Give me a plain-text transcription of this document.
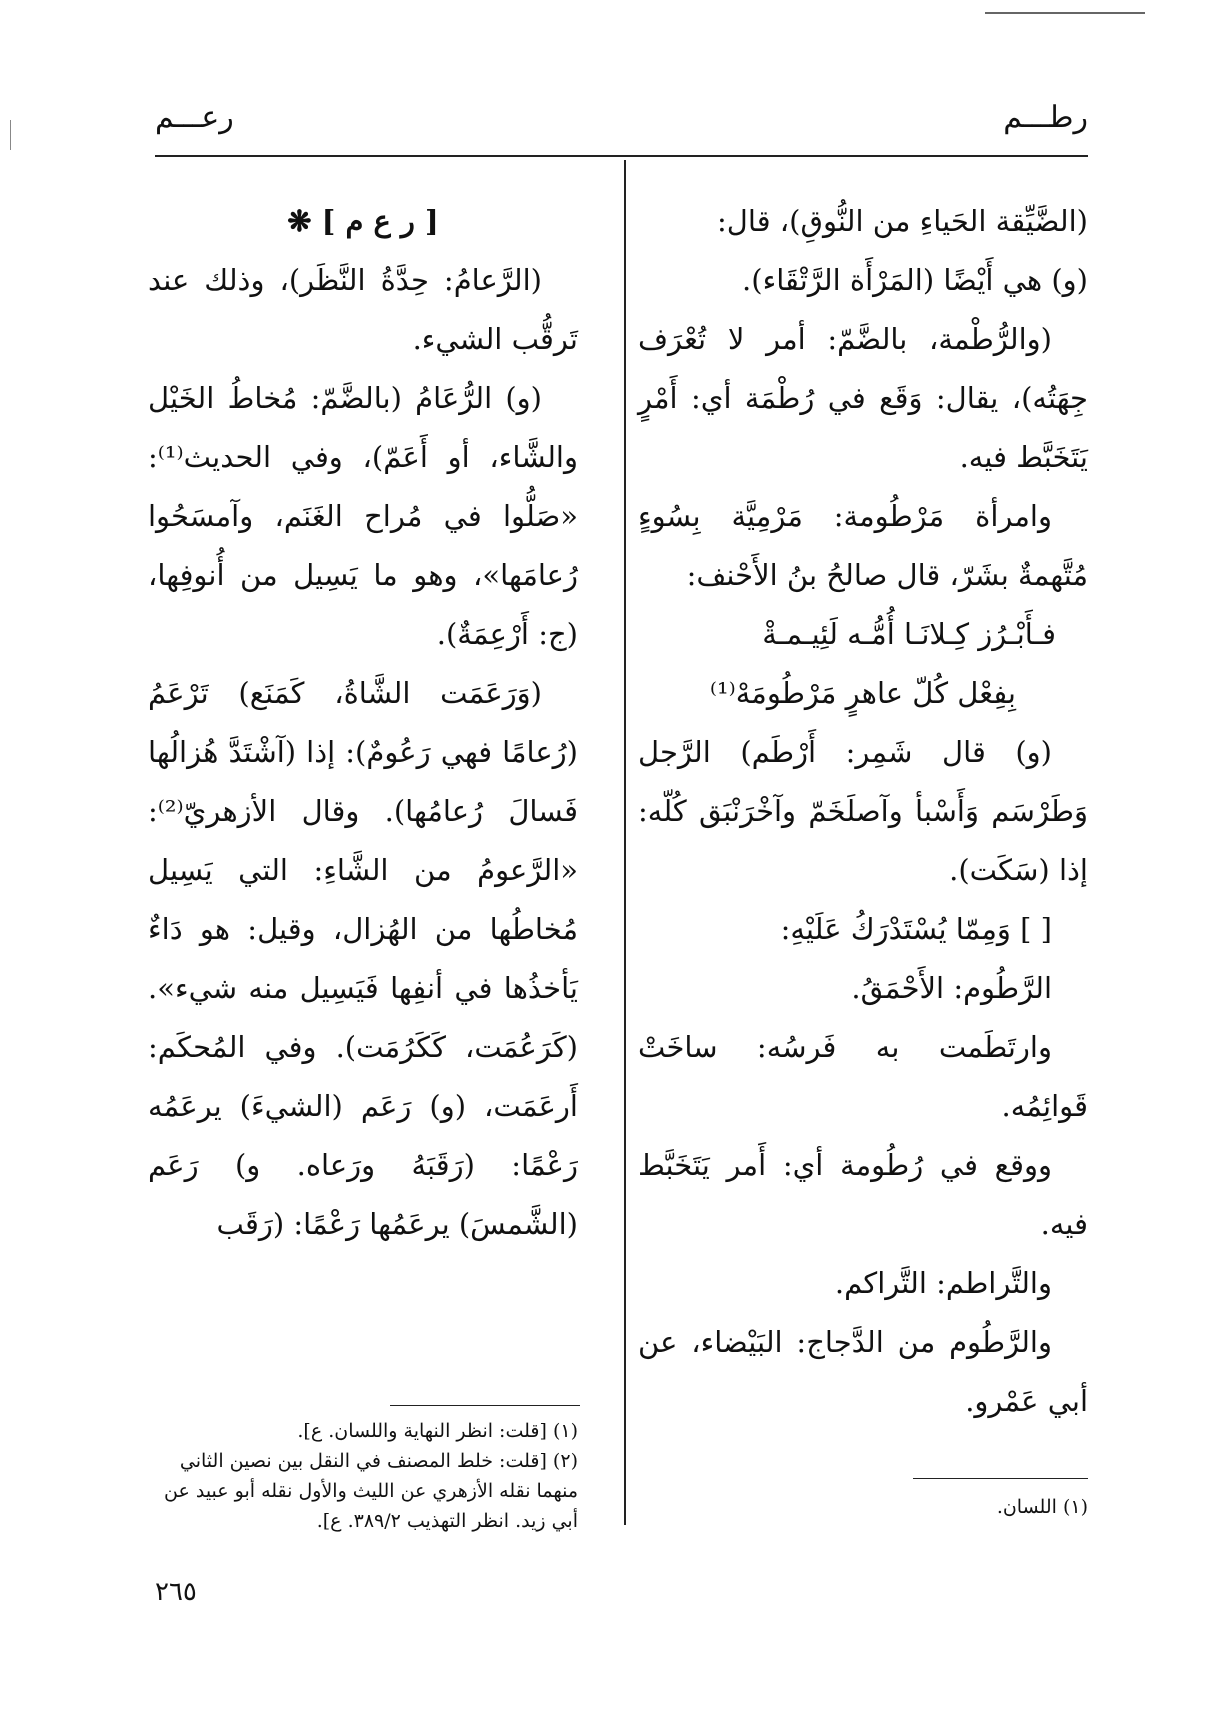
رطـــم
رعـــم

(الضَّيِّقة الحَياءِ من النُّوقِ)، قال:

(و) هي أَيْضًا (المَرْأَة الرَّتْقَاء).

(والرُّطْمة، بالضَّمّ: أمر لا تُعْرَف جِهَتُه)، يقال: وَقَع في رُطْمَة أي: أَمْرٍ يَتَخَبَّط فيه.

وامرأة مَرْطُومة: مَرْمِيَّة بِسُوءٍ مُتَّهمةٌ بشَرّ، قال صالحُ بنُ الأَحْنف:

فـأَبْـرُز كِـلانَـا أُمُّـه لَئِيـمـةْ

بِفِعْل كُلّ عاهرٍ مَرْطُومَهْ⁽¹⁾

(و) قال شَمِر: أَرْطَم) الرَّجل وَطَرْسَم وَأَسْبأ وآصلَخَمّ وآخْرَنْبَق كُلّه: إذا (سَكَت).

[ ] وَمِمّا يُسْتَدْرَكُ عَلَيْهِ:

الرَّطُوم: الأَحْمَقُ.

وارتَطَمت به فَرسُه: ساخَتْ قَوائِمُه.

ووقع في رُطُومة أي: أَمر يَتَخَبَّط فيه.

والتَّراطم: التَّراكم.

والرَّطُوم من الدَّجاج: البَيْضاء، عن أبي عَمْرو.

[ ر ع م ] ❋

(الرَّعامُ: حِدَّةُ النَّظَر)، وذلك عند تَرقُّب الشيء.

(و) الرُّعَامُ (بالضَّمّ: مُخاطُ الخَيْل والشَّاء، أو أَعَمّ)، وفي الحديث⁽¹⁾: «صَلُّوا في مُراح الغَنَم، وآمسَحُوا رُعامَها»، وهو ما يَسِيل من أُنوفِها، (ج: أَرْعِمَةٌ).

(وَرَعَمَت الشَّاةُ، كَمَنَع) تَرْعَمُ (رُعامًا فهي رَعُومٌ): إذا (آشْتَدَّ هُزالُها فَسالَ رُعامُها). وقال الأزهريّ⁽²⁾: «الرَّعومُ من الشَّاءِ: التي يَسِيل مُخاطُها من الهُزال، وقيل: هو دَاءٌ يَأخذُها في أنفِها فَيَسِيل منه شيء». (كَرَعُمَت، كَكَرُمَت). وفي المُحكَم: أَرعَمَت، (و) رَعَم (الشيءَ) يرعَمُه رَعْمًا: (رَقَبَهُ ورَعاه. و) رَعَم (الشَّمسَ) يرعَمُها رَعْمًا: (رَقَب

(١) اللسان.

(١) [قلت: انظر النهاية واللسان. ع].

(٢) [قلت: خلط المصنف في النقل بين نصين الثاني منهما نقله الأزهري عن الليث والأول نقله أبو عبيد عن أبي زيد. انظر التهذيب ٣٨٩/٢. ع].

٢٦٥
